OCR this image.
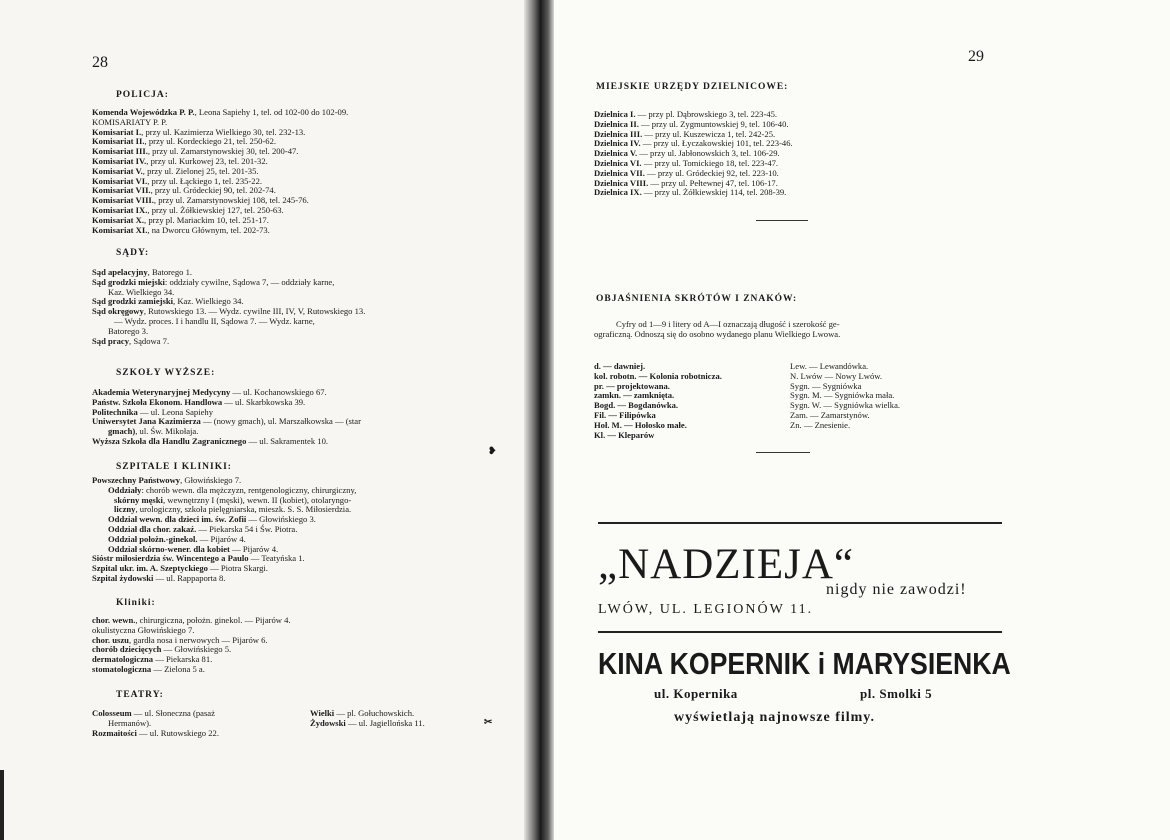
28
POLICJA:
Komenda Wojewódzka P. P., Leona Sapiehy 1, tel. od 102-00 do 102-09.
KOMISARIATY P. P.
Komisariat I., przy ul. Kazimierza Wielkiego 30, tel. 232-13.
Komisariat II., przy ul. Kordeckiego 21, tel. 250-62.
Komisariat III., przy ul. Zamarstynowskiej 30, tel. 200-47.
Komisariat IV., przy ul. Kurkowej 23, tel. 201-32.
Komisariat V., przy ul. Zielonej 25, tel. 201-35.
Komisariat VI., przy ul. Łąckiego 1, tel. 235-22.
Komisariat VII., przy ul. Gródeckiej 90, tel. 202-74.
Komisariat VIII., przy ul. Zamarstynowskiej 108, tel. 245-76.
Komisariat IX., przy ul. Żółkiewskiej 127, tel. 250-63.
Komisariat X., przy pl. Mariackim 10, tel. 251-17.
Komisariat XI., na Dworcu Głównym, tel. 202-73.
SĄDY:
Sąd apelacyjny, Batorego 1.
Sąd grodzki miejski: oddziały cywilne, Sądowa 7, — oddziały karne,
Kaz. Wielkiego 34.
Sąd grodzki zamiejski, Kaz. Wielkiego 34.
Sąd okręgowy, Rutowskiego 13. — Wydz. cywilne III, IV, V, Rutowskiego 13.
— Wydz. proces. I i handlu II, Sądowa 7. — Wydz. karne,
Batorego 3.
Sąd pracy, Sądowa 7.
SZKOŁY WYŻSZE:
Akademia Weterynaryjnej Medycyny — ul. Kochanowskiego 67.
Państw. Szkoła Ekonom. Handlowa — ul. Skarbkowska 39.
Politechnika — ul. Leona Sapiehy
Uniwersytet Jana Kazimierza — (nowy gmach), ul. Marszałkowska — (star
gmach), ul. Św. Mikołaja.
Wyższa Szkoła dla Handlu Zagranicznego — ul. Sakramentek 10.
SZPITALE I KLINIKI:
Powszechny Państwowy, Głowińskiego 7.
Oddziały: chorób wewn. dla mężczyzn, rentgenologiczny, chirurgiczny,
skórny męski, wewnętrzny I (męski), wewn. II (kobiet), otolaryngo-
liczny, urologiczny, szkoła pielęgniarska, mieszk. S. S. Miłosierdzia.
Oddział wewn. dla dzieci im. św. Zofii — Głowińskiego 3.
Oddział dla chor. zakaź. — Piekarska 54 i Św. Piotra.
Oddział położn.-ginekol. — Pijarów 4.
Oddział skórno-wener. dla kobiet — Pijarów 4.
Sióstr miłosierdzia św. Wincentego a Paulo — Teatyńska 1.
Szpital ukr. im. A. Szeptyckiego — Piotra Skargi.
Szpital żydowski — ul. Rappaporta 8.
Kliniki:
chor. wewn., chirurgiczna, położn. ginekol. — Pijarów 4.
okulistyczna Głowińskiego 7.
chor. uszu, gardła nosa i nerwowych — Pijarów 6.
chorób dziecięcych — Głowińskiego 5.
dermatologiczna — Piekarska 81.
stomatologiczna — Zielona 5 a.
TEATRY:
Colosseum — ul. Słoneczna (pasaż
Hermanów).
Rozmaitości — ul. Rutowskiego 22.
Wielki — pl. Gołuchowskich.
Żydowski — ul. Jagiellońska 11.
❥
✂
29
MIEJSKIE URZĘDY DZIELNICOWE:
Dzielnica I. — przy pl. Dąbrowskiego 3, tel. 223-45.
Dzielnica II. — przy ul. Zygmuntowskiej 9, tel. 106-40.
Dzielnica III. — przy ul. Kuszewicza 1, tel. 242-25.
Dzielnica IV. — przy ul. Łyczakowskiej 101, tel. 223-46.
Dzielnica V. — przy ul. Jabłonowskich 3, tel. 106-29.
Dzielnica VI. — przy ul. Tomickiego 18, tel. 223-47.
Dzielnica VII. — przy ul. Gródeckiej 92, tel. 223-10.
Dzielnica VIII. — przy ul. Pełtewnej 47, tel. 106-17.
Dzielnica IX. — przy ul. Żółkiewskiej 114, tel. 208-39.
OBJAŚNIENIA SKRÓTÓW I ZNAKÓW:
Cyfry od 1—9 i litery od A—I oznaczają długość i szerokość ge-
ograficzną. Odnoszą się do osobno wydanego planu Wielkiego Lwowa.
d. — dawniej.
kol. robotn. — Kolonia robotnicza.
pr. — projektowana.
zamkn. — zamknięta.
Bogd. — Bogdanówka.
Fil. — Filipówka
Hoł. M. — Hołosko małe.
Kl. — Kleparów
Lew. — Lewandówka.
N. Lwów — Nowy Lwów.
Sygn. — Sygniówka
Sygn. M. — Sygniówka mała.
Sygn. W. — Sygniówka wielka.
Zam. — Zamarstynów.
Zn. — Znesienie.
„NADZIEJA“
nigdy nie zawodzi!
LWÓW, UL. LEGIONÓW 11.
KINA KOPERNIK i MARYSIENKA
ul. Kopernika	pl. Smolki 5
wyświetlają najnowsze filmy.
